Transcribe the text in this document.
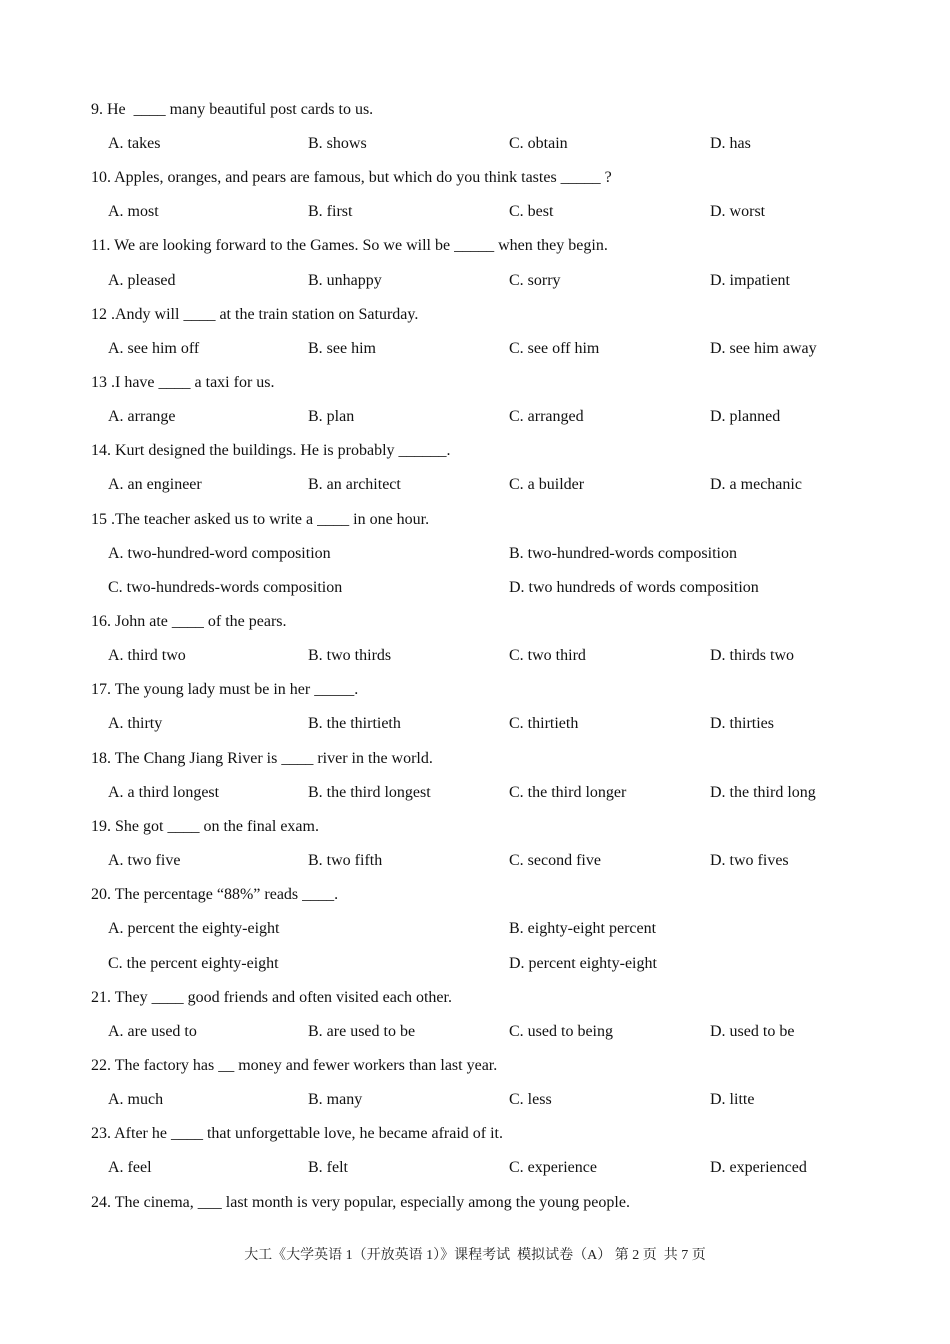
9. He  ____ many beautiful post cards to us.
A. takes	B. shows	C. obtain	D. has
10. Apples, oranges, and pears are famous, but which do you think tastes _____ ?
A. most	B. first	C. best	D. worst
11. We are looking forward to the Games. So we will be _____ when they begin.
A. pleased	B. unhappy	C. sorry	D. impatient
12 .Andy will ____ at the train station on Saturday.
A. see him off	B. see him	C. see off him	D. see him away
13 .I have ____ a taxi for us.
A. arrange	B. plan	C. arranged	D. planned
14. Kurt designed the buildings. He is probably ______.
A. an engineer	B. an architect	C. a builder	D. a mechanic
15 .The teacher asked us to write a ____ in one hour.
A. two-hundred-word composition	B. two-hundred-words composition
C. two-hundreds-words composition	D. two hundreds of words composition
16. John ate ____ of the pears.
A. third two	B. two thirds	C. two third	D. thirds two
17. The young lady must be in her _____.
A. thirty	B. the thirtieth	C. thirtieth	D. thirties
18. The Chang Jiang River is ____ river in the world.
A. a third longest	B. the third longest	C. the third longer	D. the third long
19. She got ____ on the final exam.
A. two five	B. two fifth	C. second five	D. two fives
20. The percentage “88%” reads ____.
A. percent the eighty-eight	B. eighty-eight percent
C. the percent eighty-eight	D. percent eighty-eight
21. They ____ good friends and often visited each other.
A. are used to	B. are used to be	C. used to being	D. used to be
22. The factory has __ money and fewer workers than last year.
A. much	B. many	C. less	D. litte
23. After he ____ that unforgettable love, he became afraid of it.
A. feel	B. felt	C. experience	D. experienced
24. The cinema, ___ last month is very popular, especially among the young people.
大工《大学英语 1（开放英语 1）》课程考试  模拟试卷（A） 第 2 页  共 7 页
